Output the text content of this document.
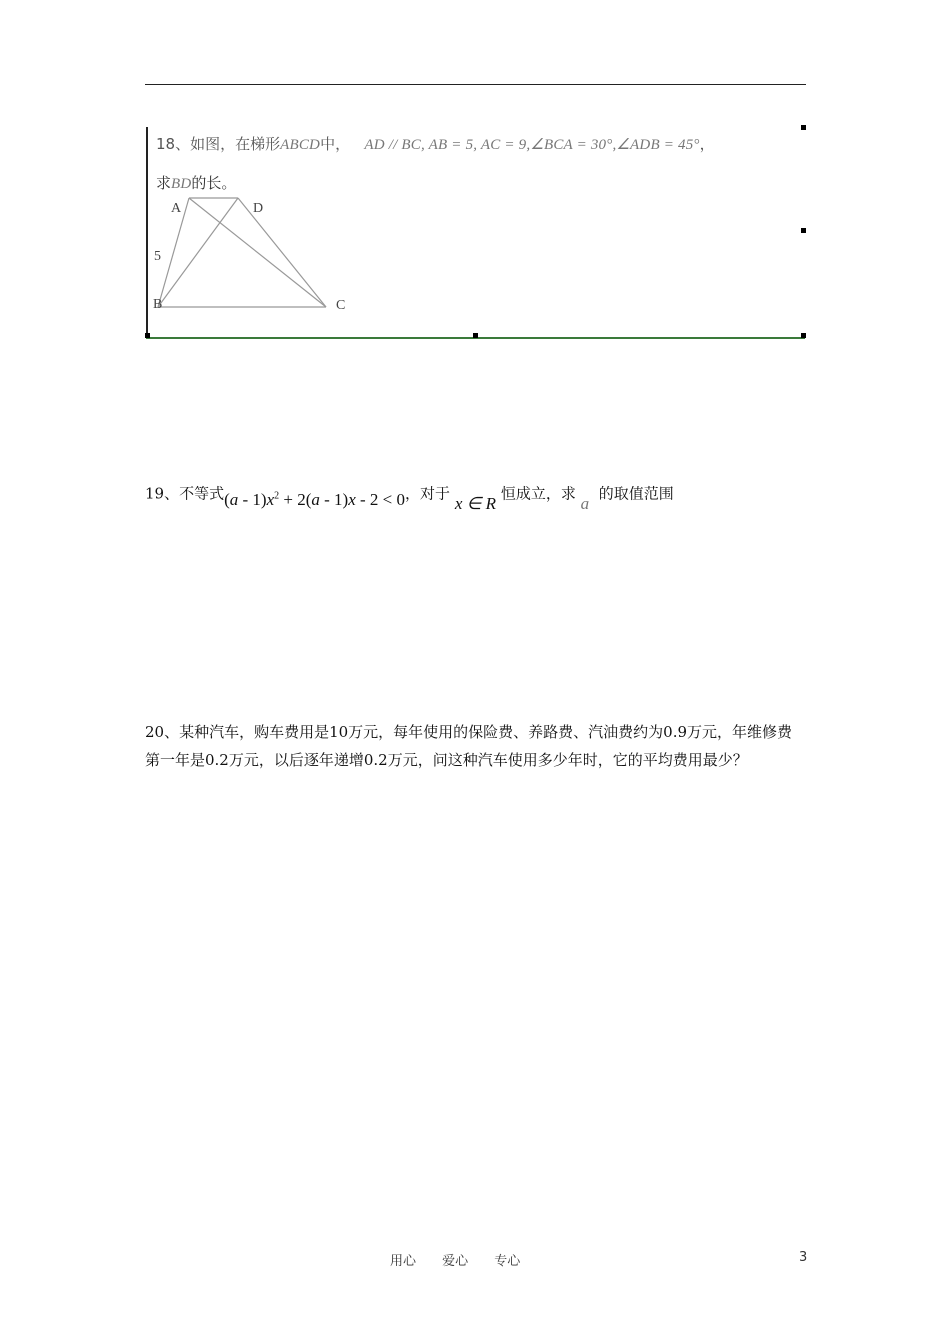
18、如图，在梯形ABCD中， AD // BC, AB = 5, AC = 9,∠BCA = 30°,∠ADB = 45°，
求BD的长。
A	D
5
B	C
19、不等式$(a - 1)x^2 + 2(a - 1)x - 2 < 0$，对于 x ∈ R 恒成立，求 a 的取值范围
20、某种汽车，购车费用是10万元，每年使用的保险费、养路费、汽油费约为0.9万元，年维修费第一年是0.2万元，以后逐年递增0.2万元，问这种汽车使用多少年时，它的平均费用最少？
用心 爱心 专心	3
